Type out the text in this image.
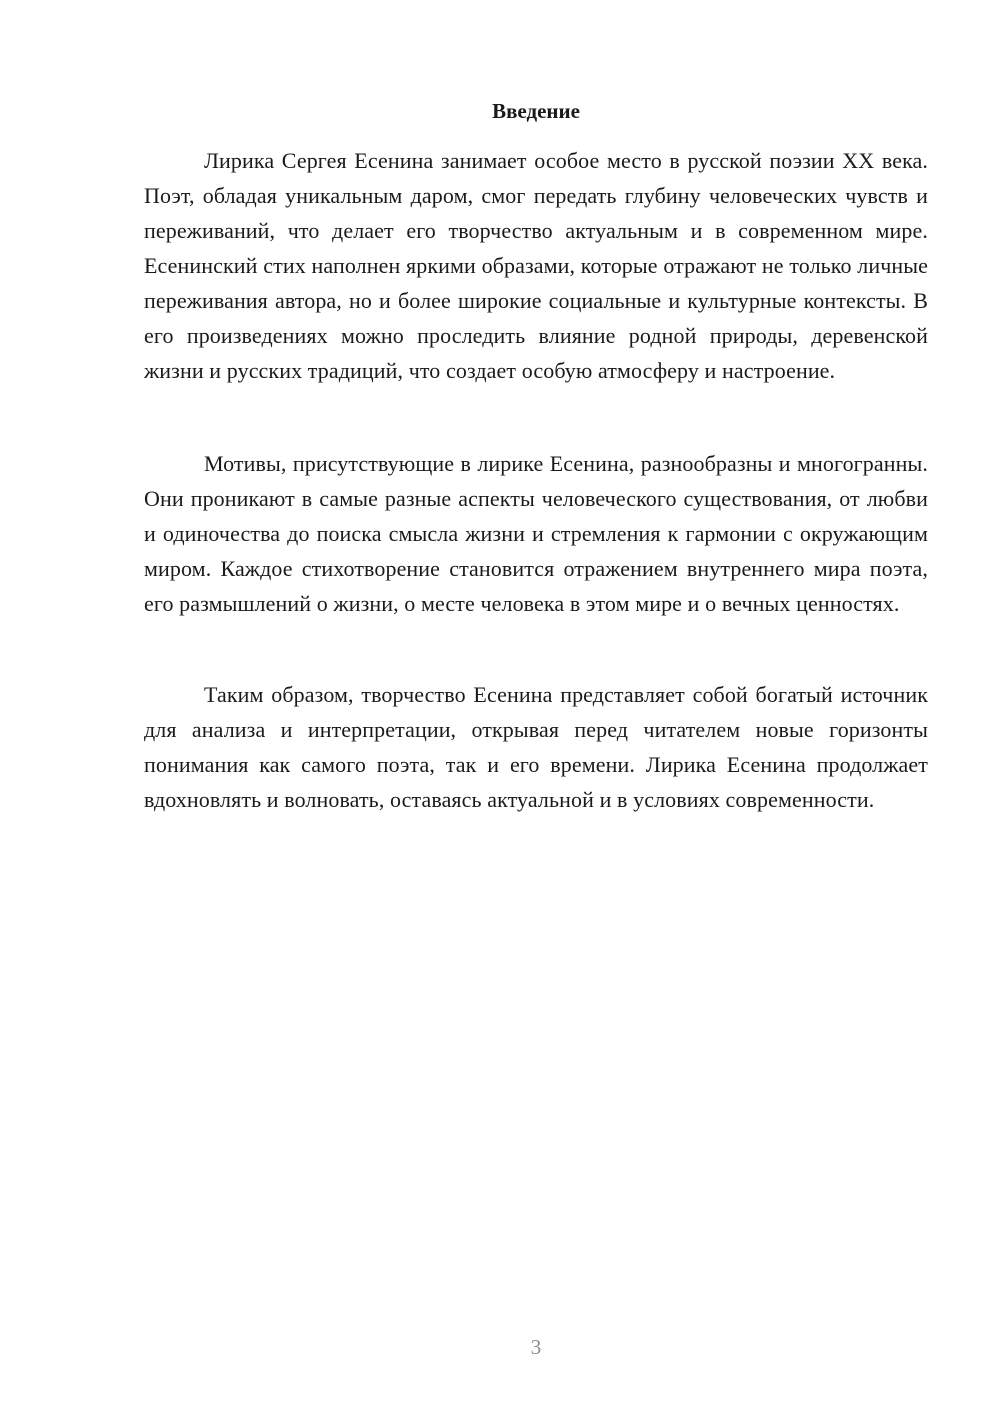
Введение

Лирика Сергея Есенина занимает особое место в русской поэзии XX века. Поэт, обладая уникальным даром, смог передать глубину человеческих чувств и переживаний, что делает его творчество актуальным и в современном мире. Есенинский стих наполнен яркими образами, которые отражают не только личные переживания автора, но и более широкие социальные и культурные контексты. В его произведениях можно проследить влияние родной природы, деревенской жизни и русских традиций, что создает особую атмосферу и настроение.

Мотивы, присутствующие в лирике Есенина, разнообразны и многогранны. Они проникают в самые разные аспекты человеческого существования, от любви и одиночества до поиска смысла жизни и стремления к гармонии с окружающим миром. Каждое стихотворение становится отражением внутреннего мира поэта, его размышлений о жизни, о месте человека в этом мире и о вечных ценностях.

Таким образом, творчество Есенина представляет собой богатый источник для анализа и интерпретации, открывая перед читателем новые горизонты понимания как самого поэта, так и его времени. Лирика Есенина продолжает вдохновлять и волновать, оставаясь актуальной и в условиях современности.

3
